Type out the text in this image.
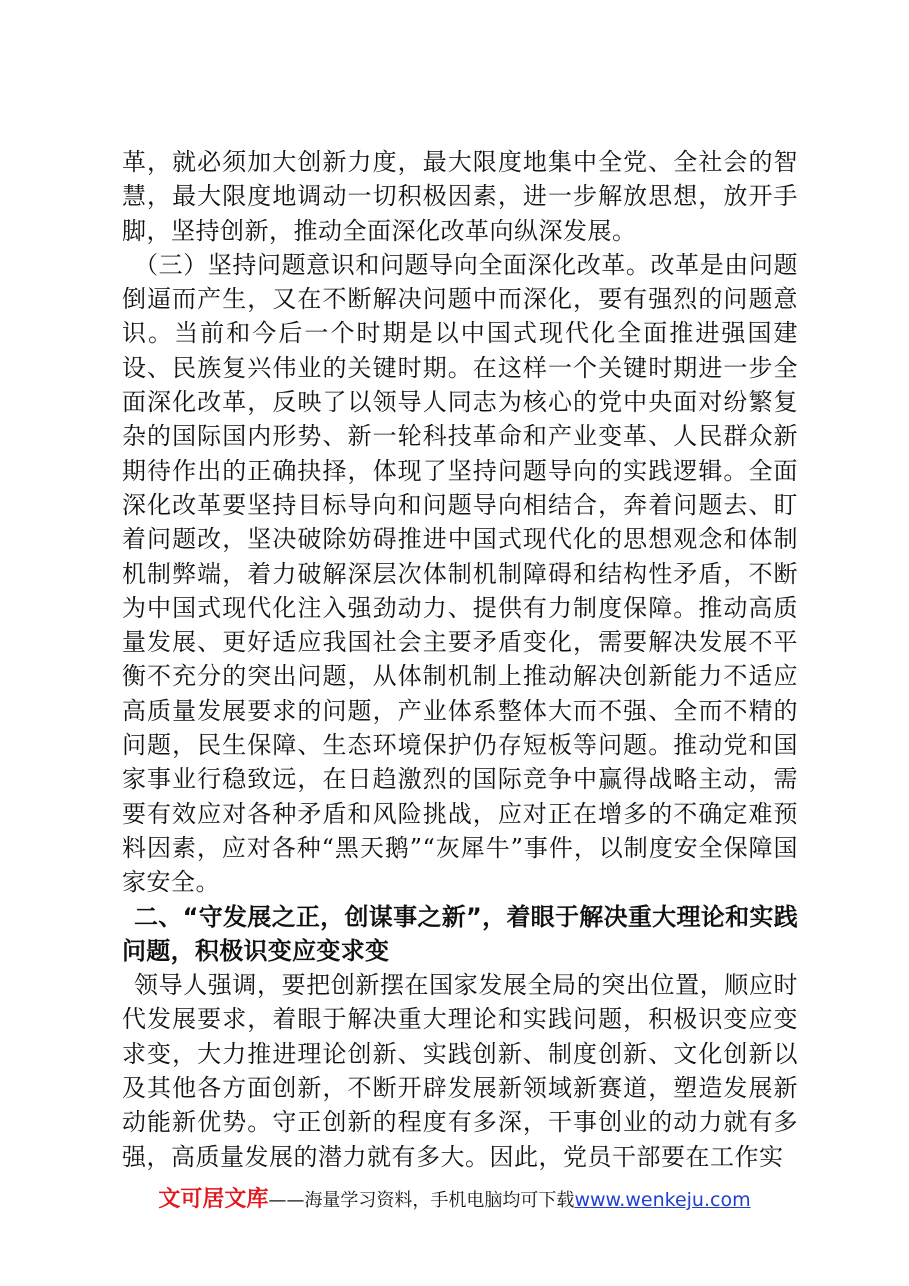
革，就必须加大创新力度，最大限度地集中全党、全社会的智慧，最大限度地调动一切积极因素，进一步解放思想，放开手脚，坚持创新，推动全面深化改革向纵深发展。

（三）坚持问题意识和问题导向全面深化改革。改革是由问题倒逼而产生，又在不断解决问题中而深化，要有强烈的问题意识。当前和今后一个时期是以中国式现代化全面推进强国建设、民族复兴伟业的关键时期。在这样一个关键时期进一步全面深化改革，反映了以领导人同志为核心的党中央面对纷繁复杂的国际国内形势、新一轮科技革命和产业变革、人民群众新期待作出的正确抉择，体现了坚持问题导向的实践逻辑。全面深化改革要坚持目标导向和问题导向相结合，奔着问题去、盯着问题改，坚决破除妨碍推进中国式现代化的思想观念和体制机制弊端，着力破解深层次体制机制障碍和结构性矛盾，不断为中国式现代化注入强劲动力、提供有力制度保障。推动高质量发展、更好适应我国社会主要矛盾变化，需要解决发展不平衡不充分的突出问题，从体制机制上推动解决创新能力不适应高质量发展要求的问题，产业体系整体大而不强、全而不精的问题，民生保障、生态环境保护仍存短板等问题。推动党和国家事业行稳致远，在日趋激烈的国际竞争中赢得战略主动，需要有效应对各种矛盾和风险挑战，应对正在增多的不确定难预料因素，应对各种“黑天鹅”“灰犀牛”事件，以制度安全保障国家安全。

二、“守发展之正，创谋事之新”，着眼于解决重大理论和实践问题，积极识变应变求变

领导人强调，要把创新摆在国家发展全局的突出位置，顺应时代发展要求，着眼于解决重大理论和实践问题，积极识变应变求变，大力推进理论创新、实践创新、制度创新、文化创新以及其他各方面创新，不断开辟发展新领域新赛道，塑造发展新动能新优势。守正创新的程度有多深，干事创业的动力就有多强，高质量发展的潜力就有多大。因此，党员干部要在工作实

文可居文库——海量学习资料，手机电脑均可下载www.wenkeju.com
